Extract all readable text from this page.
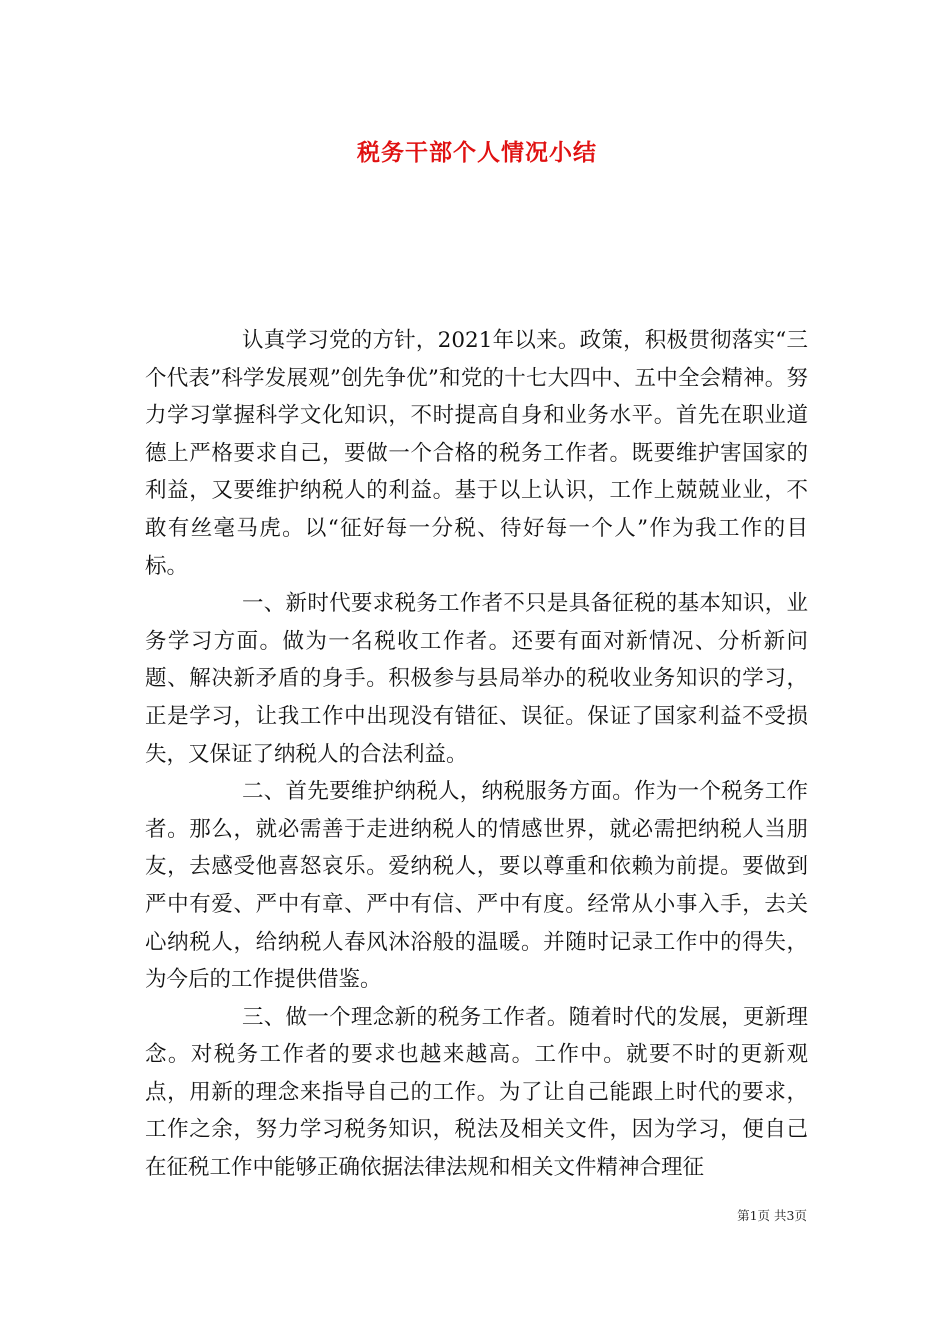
税务干部个人情况小结

认真学习党的方针，2021年以来。政策，积极贯彻落实“三个代表”科学发展观”创先争优”和党的十七大四中、五中全会精神。努力学习掌握科学文化知识，不时提高自身和业务水平。首先在职业道德上严格要求自己，要做一个合格的税务工作者。既要维护害国家的利益，又要维护纳税人的利益。基于以上认识，工作上兢兢业业，不敢有丝毫马虎。以“征好每一分税、待好每一个人”作为我工作的目标。

一、新时代要求税务工作者不只是具备征税的基本知识，业务学习方面。做为一名税收工作者。还要有面对新情况、分析新问题、解决新矛盾的身手。积极参与县局举办的税收业务知识的学习，正是学习，让我工作中出现没有错征、误征。保证了国家利益不受损失，又保证了纳税人的合法利益。

二、首先要维护纳税人，纳税服务方面。作为一个税务工作者。那么，就必需善于走进纳税人的情感世界，就必需把纳税人当朋友，去感受他喜怒哀乐。爱纳税人，要以尊重和依赖为前提。要做到严中有爱、严中有章、严中有信、严中有度。经常从小事入手，去关心纳税人，给纳税人春风沐浴般的温暖。并随时记录工作中的得失，为今后的工作提供借鉴。

三、做一个理念新的税务工作者。随着时代的发展，更新理念。对税务工作者的要求也越来越高。工作中。就要不时的更新观点，用新的理念来指导自己的工作。为了让自己能跟上时代的要求，工作之余，努力学习税务知识，税法及相关文件，因为学习，便自己在征税工作中能够正确依据法律法规和相关文件精神合理征

第1页 共3页
